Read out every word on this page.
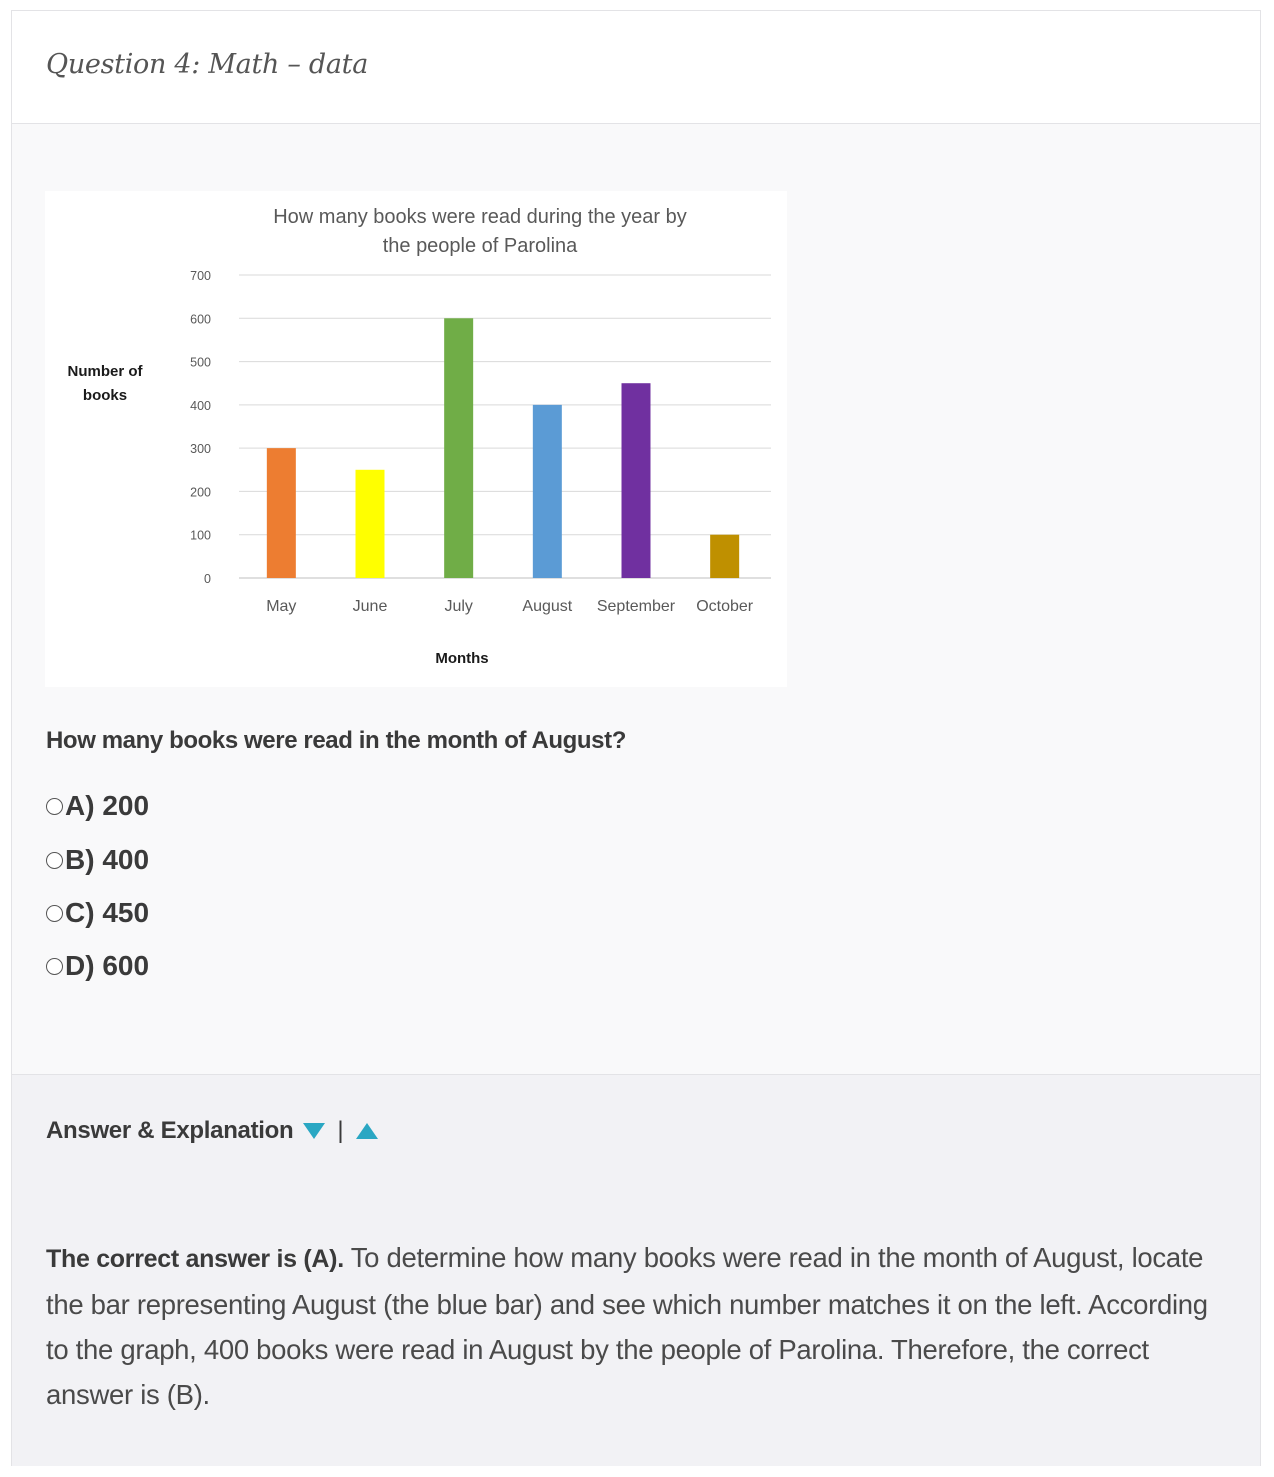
Question 4: Math – data
How many books were read during the year by
the people of Parolina
0
100
200
300
400
500
600
700
Number of
books
May	June	July	August September October
Months
How many books were read in the month of August?
A) 200
B) 400
C) 450
D) 600
Answer & Explanation |
The correct answer is (A). To determine how many books were read in the month of August, locate the bar representing August (the blue bar) and see which number matches it on the left. According to the graph, 400 books were read in August by the people of Parolina. Therefore, the correct answer is (B).
